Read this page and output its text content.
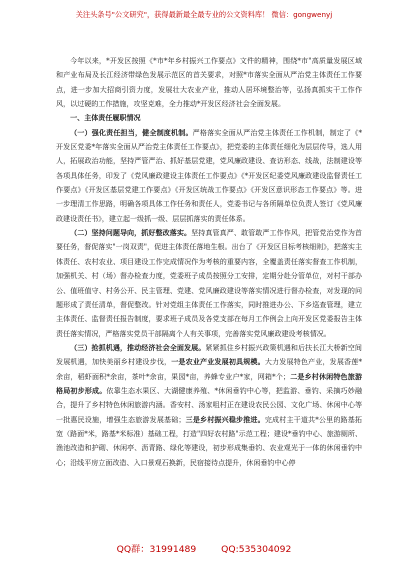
关注头条号"公文研究"，获得最新最全最专业的公文资料库！ 微信：gongwenyj

今年以来，*开发区按照《*市*年乡村振兴工作要点》文件的精神，围绕*市"高质量发展区域和产业布局及长江经济带绿色发展示范区的首关要求，对照*市落实全面从严治党主体责任工作要点，进一步加大招商引资力度，发展壮大农业产业，推动人居环境整治等，弘扬真抓实干工作作风，以过硬的工作措施，攻坚克难，全力推动*开发区经济社会全面发展。

一、主体责任履职情况

（一）强化责任担当，健全制度机制。严格落实全面从严治党主体责任工作机制，制定了《*开发区党委*年落实全面从严治党主体责任工作要点》，把党委的主体责任细化为层层传导，选人用人，拓展政治功能，坚持严管严治、抓好基层党建，党风廉政建设、查访形态、线战，法制建设等各项具体任务，印发了《党风廉政建设主体责任工作要点》《*开发区纪委党风廉政建设监督责任工作要点》《开发区基层党建工作要点》《开发区统战工作要点》《开发区意识形态工作要点》等。进一步理清工作思路，明确各项具体工作任务和责任人，党委书记与各所隔单位负责人签订《党风廉政建设责任书》，建立起一级抓一级、层层抓落实的责任体系。

（二）坚持问题导向，抓好整改落实。坚持真管真严、敢管敢严工作作风，把管党治党作为首要任务，督促落实"一岗双责"，促进主体责任落地生根。出台了《开发区目标考核细则》，把落实主体责任、农村农业、项目建设工作完成情况作为考核的重要内容，全覆盖责任落实督查工作机制，加强机关、村（场）督办检查力度，党委班子成员按照分工安排，定期分赴分管单位，对村干部办公、值班值守、村务公开、民主管理、党建、党风廉政建设等落实情况进行督办检查，对发现的问题形成了责任清单，督促整改。针对党组主体责任工作落实，同时推进办公、下乡巡查管理，建立主体责任、监督责任报告制度，要求班子成员及各党支部在每月工作例会上向开发区党委报告主体责任落实情况，严格落实党员干部隔离个人有关事项，完善落实党风廉政建设考核情况。

（三）抢抓机遇，推动经济社会全面发展。紧紧抓住乡村振兴政策机遇和后扶长江大桥新空间发展机遇，加快美丽乡村建设步伐，一是农业产业发展初具规模。大力发展特色产业，发展香莲*余亩，稻虾面积*余亩，茶叶*余亩，果园*亩，养蜂专业户*家，网箱*个；二是乡村休闲特色旅游格局初步形成。依靠生态水果区、大湖健康养殖、*休闲垂钓中心等，把监游、垂钓、采摘巧妙融合，提升了乡村特色休闲旅游内涵。香安村、汤家咀村正在建设农民公园、文化广场、休闲中心等一批惠民设施，增强生态旅游发展基础；三是乡村振兴稳步推进。完成村主干道共*公里的路基拓宽（路面*米，路基*米标准）基础工程，打造"四好农村路"示范工程；建设*垂钓中心、旅游厕所、渔池改造和护砌、休闲亭、沥青路、绿化等建设，初步形成集垂钓、农业观光于一体的休闲垂钓中心；沿线平房立面改造、入口景观石换新，民宿接待点提升，休闲垂钓中心停

QQ群：31991489	QQ:535304092
